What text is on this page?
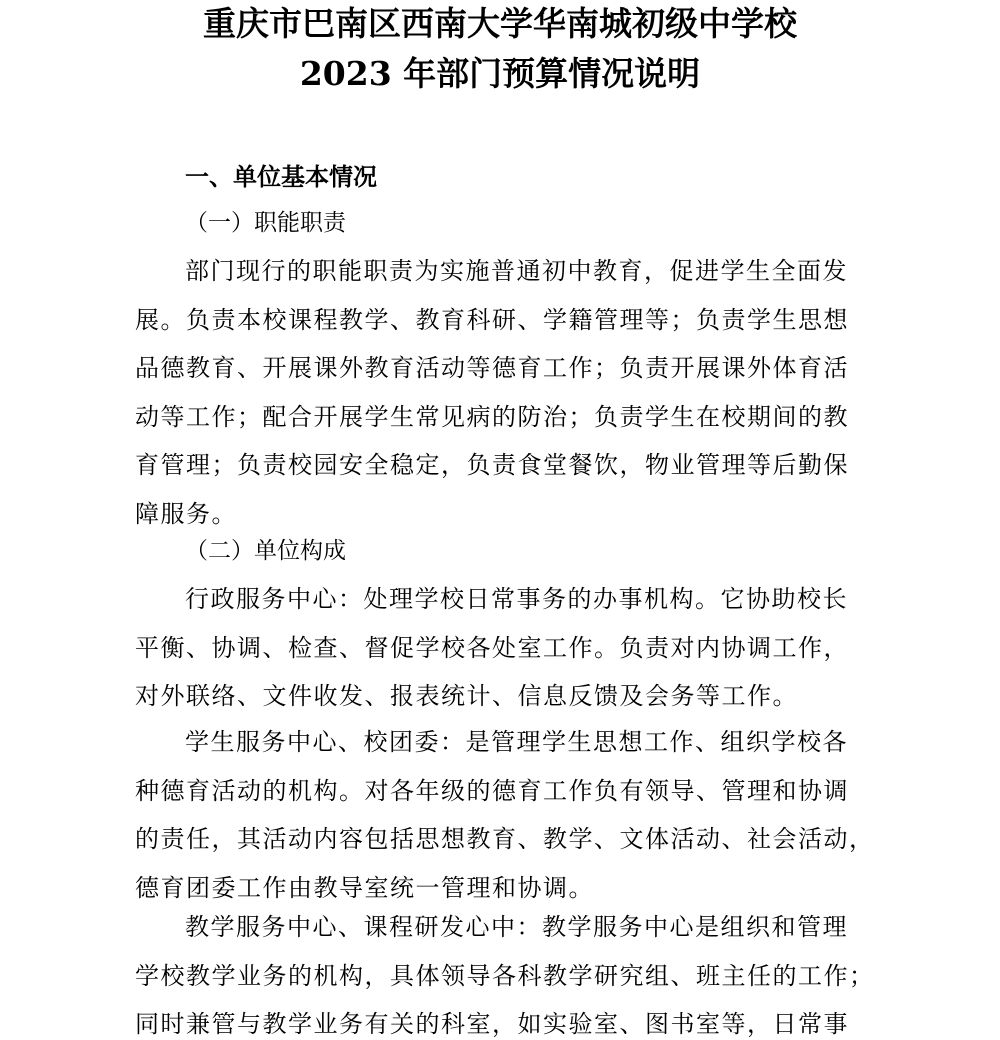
重庆市巴南区西南大学华南城初级中学校
2023 年部门预算情况说明
一、单位基本情况
（一）职能职责
部门现行的职能职责为实施普通初中教育，促进学生全面发
展。负责本校课程教学、教育科研、学籍管理等；负责学生思想
品德教育、开展课外教育活动等德育工作；负责开展课外体育活
动等工作；配合开展学生常见病的防治；负责学生在校期间的教
育管理；负责校园安全稳定，负责食堂餐饮，物业管理等后勤保
障服务。
（二）单位构成
行政服务中心：处理学校日常事务的办事机构。它协助校长
平衡、协调、检查、督促学校各处室工作。负责对内协调工作，
对外联络、文件收发、报表统计、信息反馈及会务等工作。
学生服务中心、校团委：是管理学生思想工作、组织学校各
种德育活动的机构。对各年级的德育工作负有领导、管理和协调
的责任，其活动内容包括思想教育、教学、文体活动、社会活动，
德育团委工作由教导室统一管理和协调。
教学服务中心、课程研发心中：教学服务中心是组织和管理
学校教学业务的机构，具体领导各科教学研究组、班主任的工作；
同时兼管与教学业务有关的科室，如实验室、图书室等，日常事
